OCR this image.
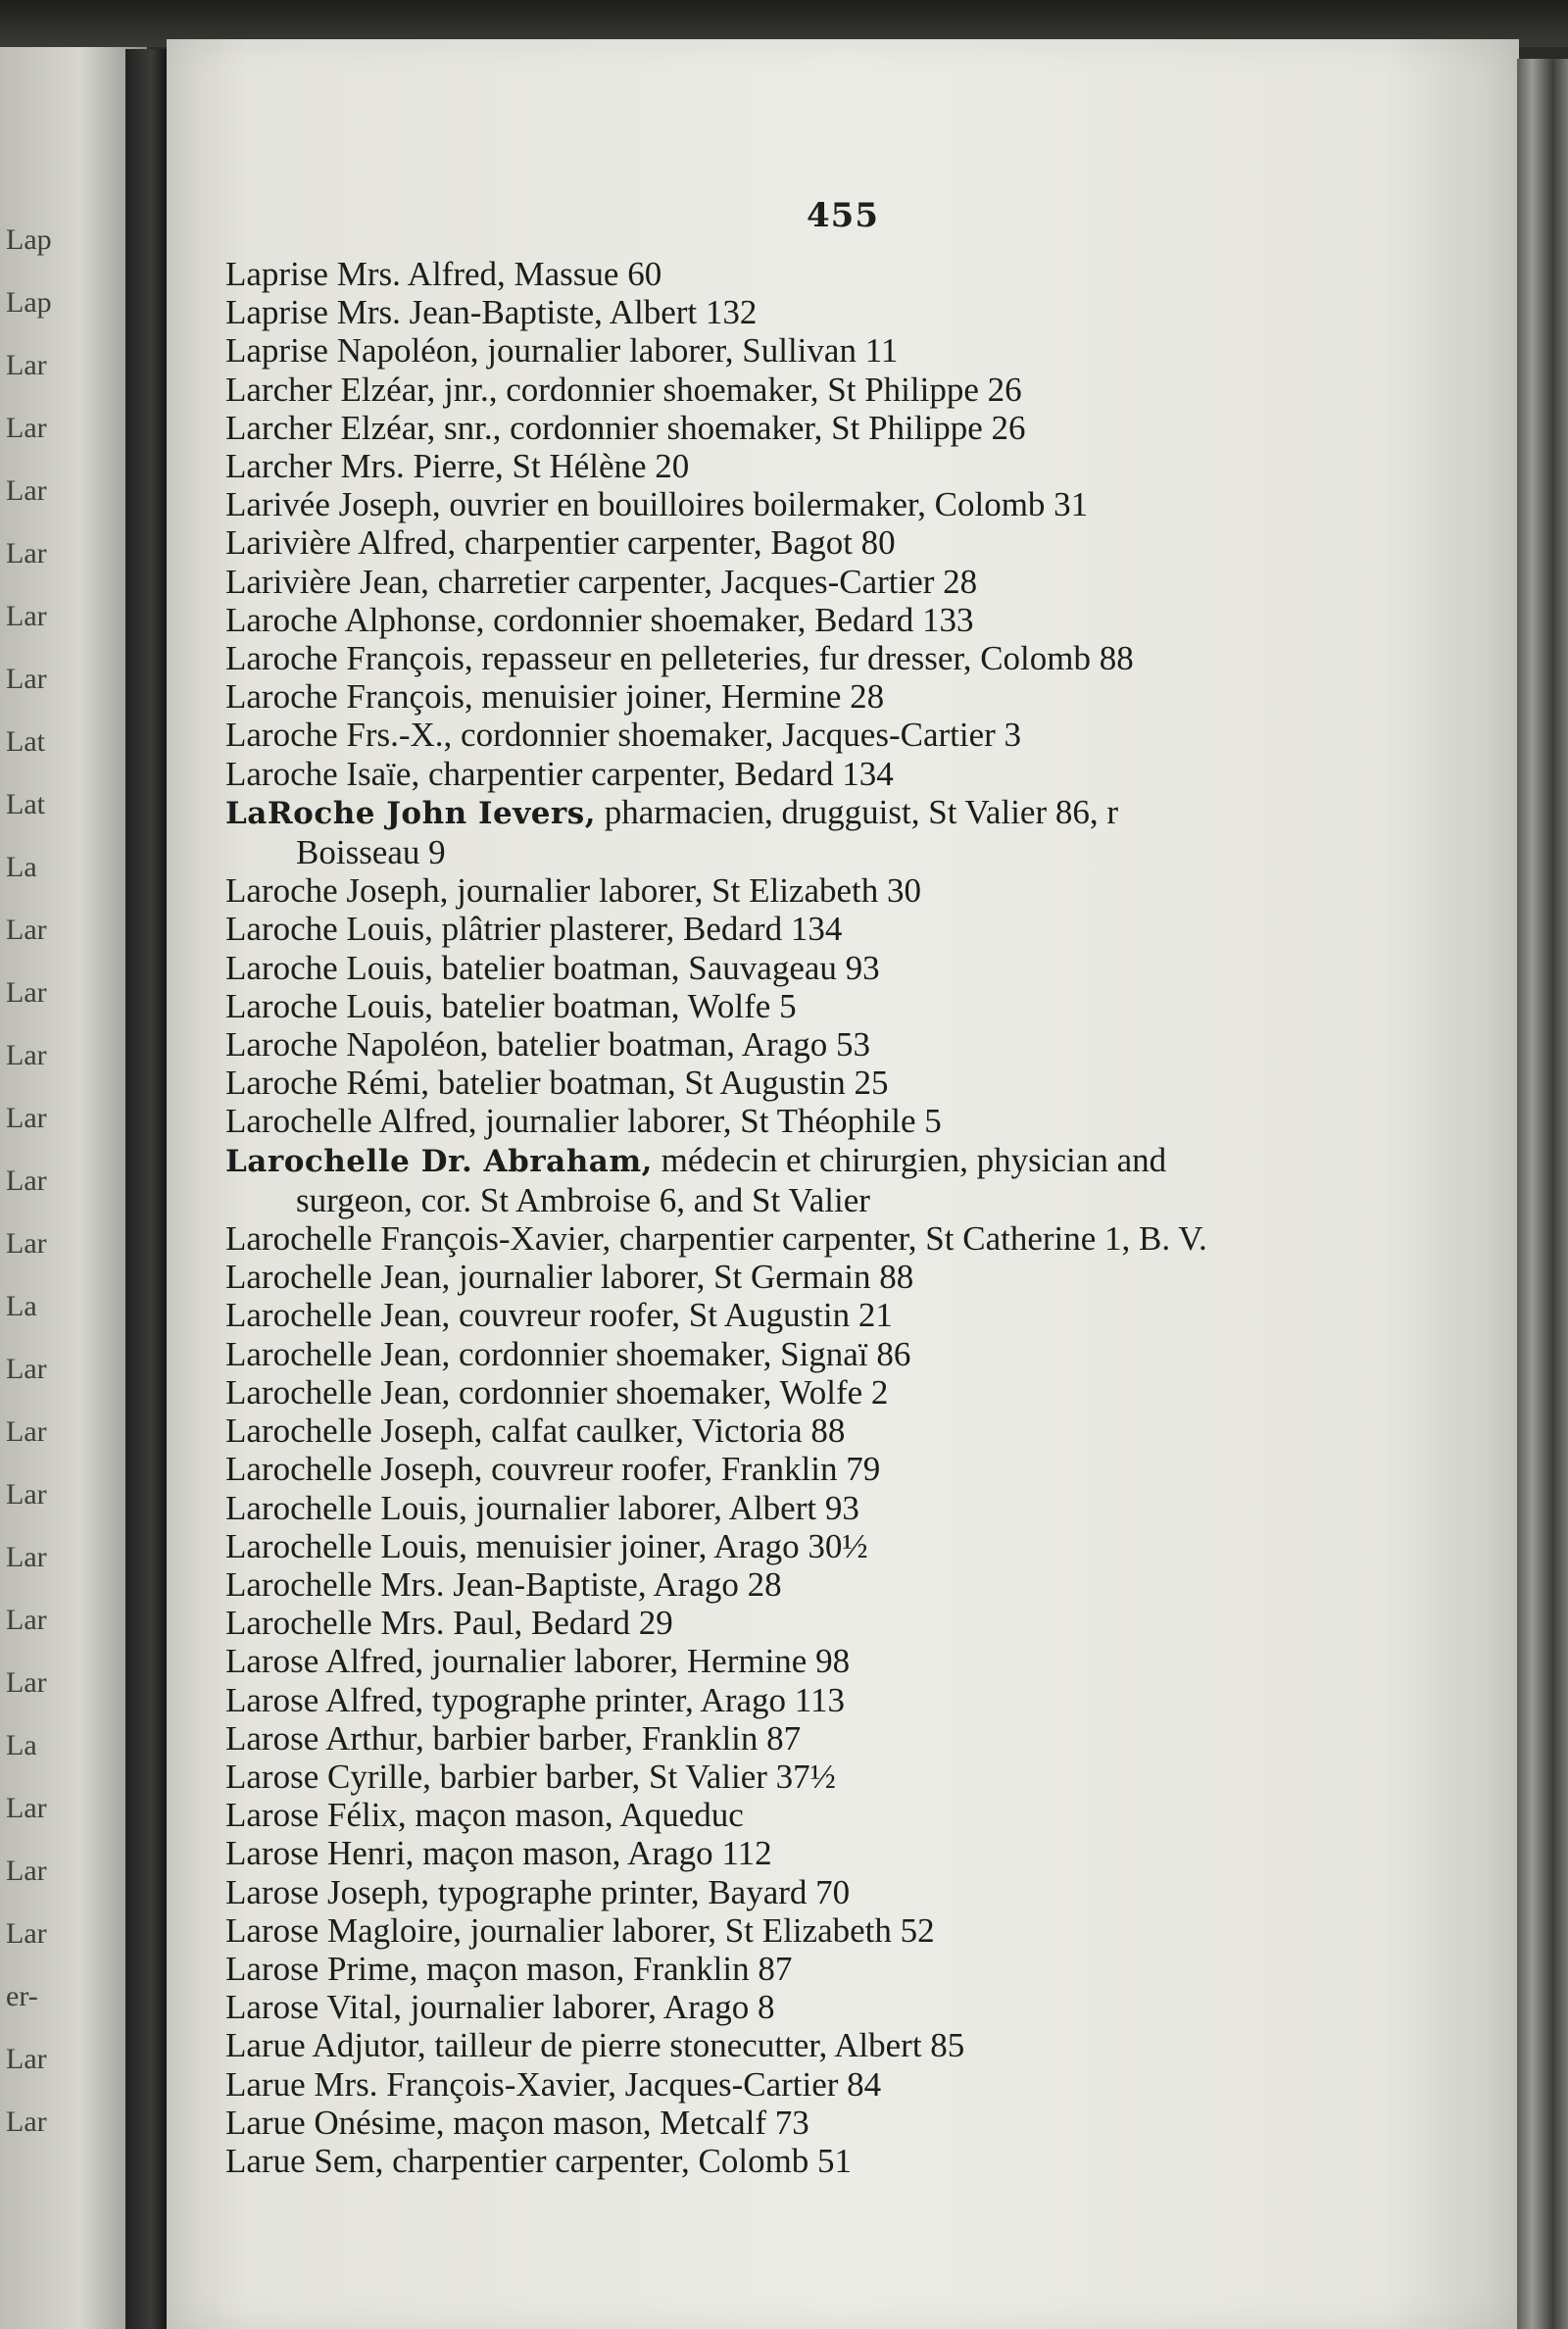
Lap
Lap
Lar
Lar
Lar
Lar
Lar
Lar
Lat
Lat
La
Lar
Lar
Lar
Lar
Lar
Lar
La
Lar
Lar
Lar
Lar
Lar
Lar
La
Lar
Lar
Lar
er-
Lar
Lar
455
Laprise Mrs. Alfred, Massue 60
Laprise Mrs. Jean-Baptiste, Albert 132
Laprise Napoléon, journalier laborer, Sullivan 11
Larcher Elzéar, jnr., cordonnier shoemaker, St Philippe 26
Larcher Elzéar, snr., cordonnier shoemaker, St Philippe 26
Larcher Mrs. Pierre, St Hélène 20
Larivée Joseph, ouvrier en bouilloires boilermaker, Colomb 31
Larivière Alfred, charpentier carpenter, Bagot 80
Larivière Jean, charretier carpenter, Jacques-Cartier 28
Laroche Alphonse, cordonnier shoemaker, Bedard 133
Laroche François, repasseur en pelleteries, fur dresser, Colomb 88
Laroche François, menuisier joiner, Hermine 28
Laroche Frs.-X., cordonnier shoemaker, Jacques-Cartier 3
Laroche Isaïe, charpentier carpenter, Bedard 134
LaRoche John Ievers, pharmacien, drugguist, St Valier 86, r
Boisseau 9
Laroche Joseph, journalier laborer, St Elizabeth 30
Laroche Louis, plâtrier plasterer, Bedard 134
Laroche Louis, batelier boatman, Sauvageau 93
Laroche Louis, batelier boatman, Wolfe 5
Laroche Napoléon, batelier boatman, Arago 53
Laroche Rémi, batelier boatman, St Augustin 25
Larochelle Alfred, journalier laborer, St Théophile 5
Larochelle Dr. Abraham, médecin et chirurgien, physician and
surgeon, cor. St Ambroise 6, and St Valier
Larochelle François-Xavier, charpentier carpenter, St Catherine 1, B. V.
Larochelle Jean, journalier laborer, St Germain 88
Larochelle Jean, couvreur roofer, St Augustin 21
Larochelle Jean, cordonnier shoemaker, Signaï 86
Larochelle Jean, cordonnier shoemaker, Wolfe 2
Larochelle Joseph, calfat caulker, Victoria 88
Larochelle Joseph, couvreur roofer, Franklin 79
Larochelle Louis, journalier laborer, Albert 93
Larochelle Louis, menuisier joiner, Arago 30½
Larochelle Mrs. Jean-Baptiste, Arago 28
Larochelle Mrs. Paul, Bedard 29
Larose Alfred, journalier laborer, Hermine 98
Larose Alfred, typographe printer, Arago 113
Larose Arthur, barbier barber, Franklin 87
Larose Cyrille, barbier barber, St Valier 37½
Larose Félix, maçon mason, Aqueduc
Larose Henri, maçon mason, Arago 112
Larose Joseph, typographe printer, Bayard 70
Larose Magloire, journalier laborer, St Elizabeth 52
Larose Prime, maçon mason, Franklin 87
Larose Vital, journalier laborer, Arago 8
Larue Adjutor, tailleur de pierre stonecutter, Albert 85
Larue Mrs. François-Xavier, Jacques-Cartier 84
Larue Onésime, maçon mason, Metcalf 73
Larue Sem, charpentier carpenter, Colomb 51
